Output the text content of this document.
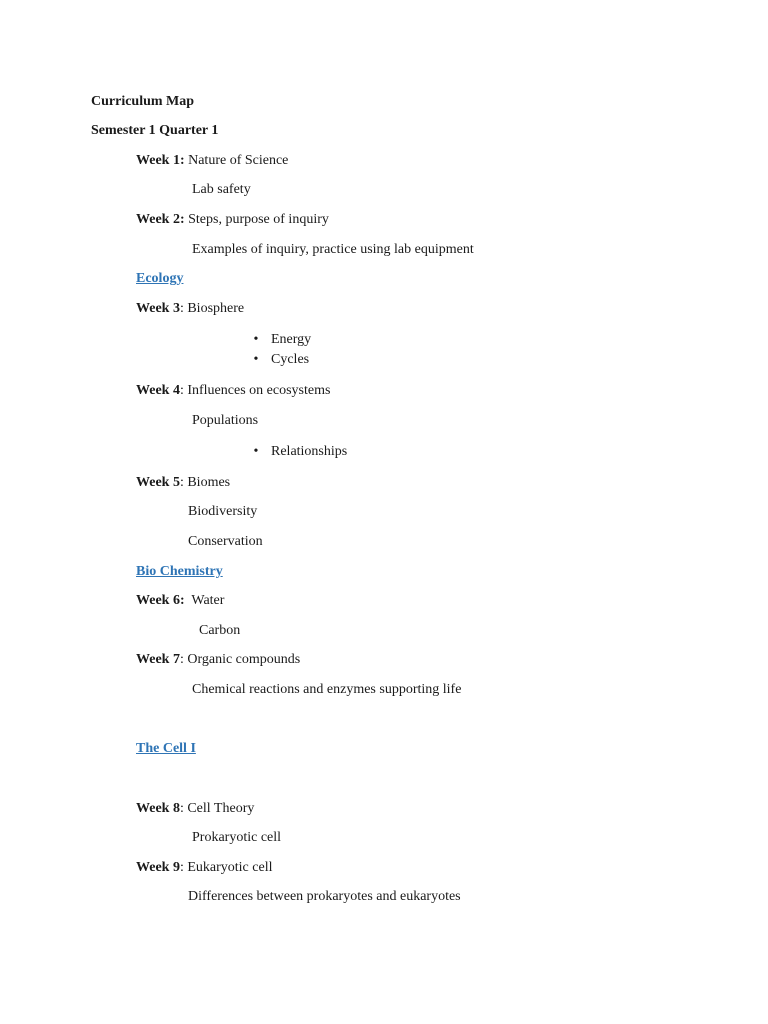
Curriculum Map
Semester 1 Quarter 1
Week 1: Nature of Science
Lab safety
Week 2: Steps, purpose of inquiry
Examples of inquiry, practice using lab equipment
Ecology
Week 3: Biosphere
• Energy
• Cycles
Week 4: Influences on ecosystems
Populations
• Relationships
Week 5: Biomes
Biodiversity
Conservation
Bio Chemistry
Week 6: Water
Carbon
Week 7: Organic compounds
Chemical reactions and enzymes supporting life
The Cell I
Week 8: Cell Theory
Prokaryotic cell
Week 9: Eukaryotic cell
Differences between prokaryotes and eukaryotes
